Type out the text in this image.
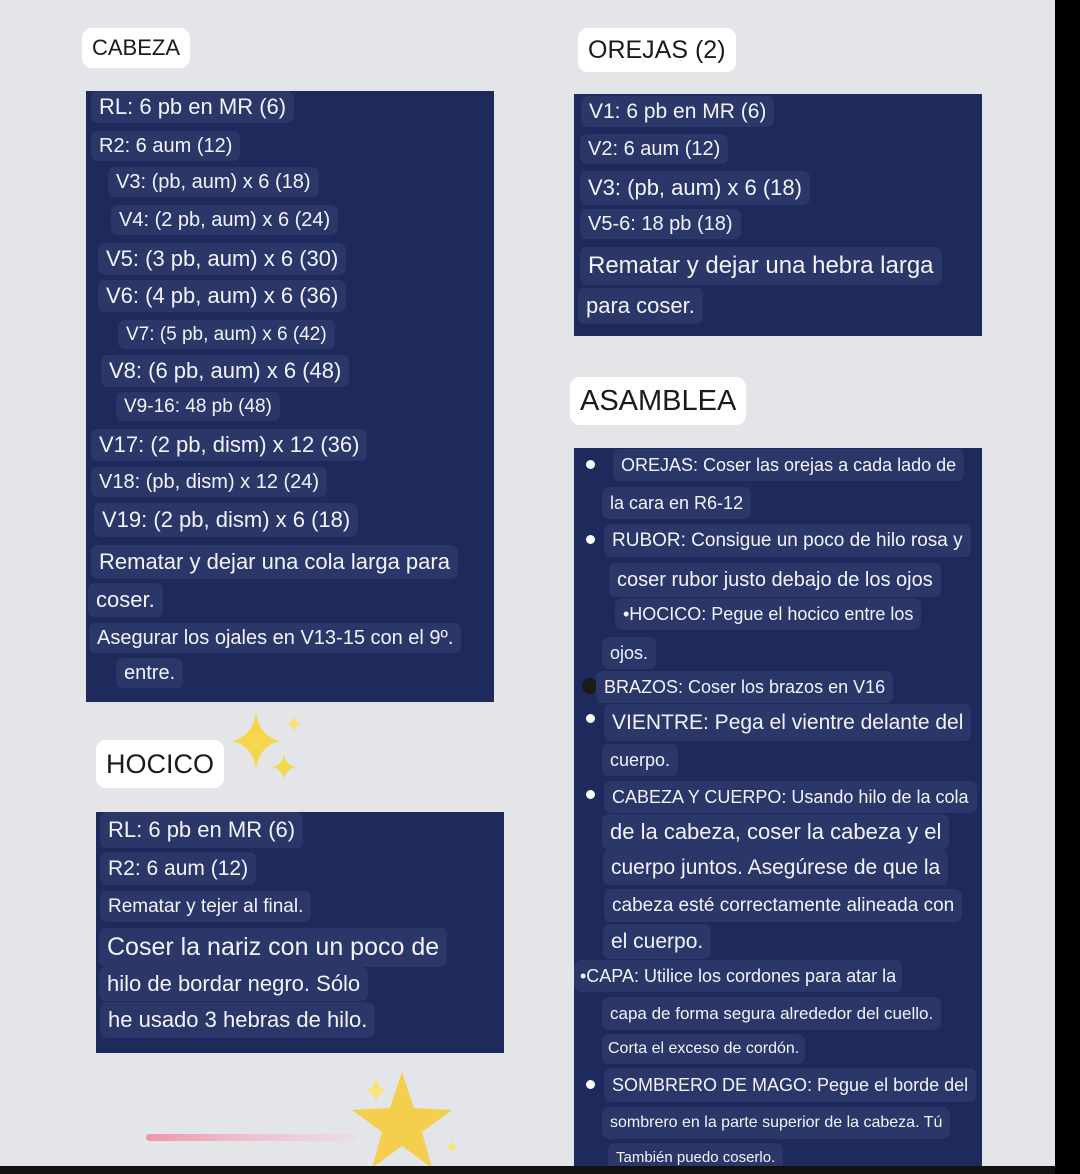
CABEZA
RL: 6 pb en MR (6)
R2: 6 aum (12)
V3: (pb, aum) x 6 (18)
V4: (2 pb, aum) x 6 (24)
V5: (3 pb, aum) x 6 (30)
V6: (4 pb, aum) x 6 (36)
V7: (5 pb, aum) x 6 (42)
V8: (6 pb, aum) x 6 (48)
V9-16: 48 pb (48)
V17: (2 pb, dism) x 12 (36)
V18: (pb, dism) x 12 (24)
V19: (2 pb, dism) x 6 (18)
Rematar y dejar una cola larga para
coser.
Asegurar los ojales en V13-15 con el 9º.
entre.
OREJAS (2)
V1: 6 pb en MR (6)
V2: 6 aum (12)
V3: (pb, aum) x 6 (18)
V5-6: 18 pb (18)
Rematar y dejar una hebra larga
para coser.
HOCICO
RL: 6 pb en MR (6)
R2: 6 aum (12)
Rematar y tejer al final.
Coser la nariz con un poco de
hilo de bordar negro. Sólo
he usado 3 hebras de hilo.
ASAMBLEA
OREJAS: Coser las orejas a cada lado de
la cara en R6-12
RUBOR: Consigue un poco de hilo rosa y
coser rubor justo debajo de los ojos
•HOCICO: Pegue el hocico entre los
ojos.
BRAZOS: Coser los brazos en V16
VIENTRE: Pega el vientre delante del
cuerpo.
CABEZA Y CUERPO: Usando hilo de la cola
de la cabeza, coser la cabeza y el
cuerpo juntos. Asegúrese de que la
cabeza esté correctamente alineada con
el cuerpo.
•CAPA: Utilice los cordones para atar la
capa de forma segura alrededor del cuello.
Corta el exceso de cordón.
SOMBRERO DE MAGO: Pegue el borde del
sombrero en la parte superior de la cabeza. Tú
También puedo coserlo.
